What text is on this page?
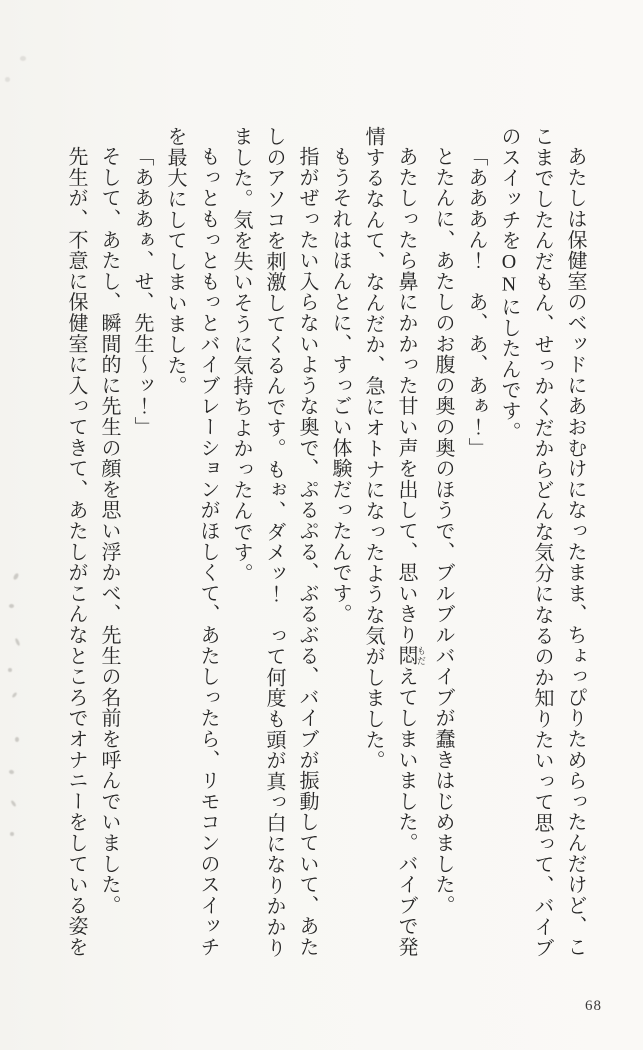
あたしは保健室のベッドにあおむけになったまま、ちょっぴりためらったんだけど、ここまでしたんだもん、せっかくだからどんな気分になるのか知りたいって思って、バイブのスイッチをONにしたんです。

「あああん！　あ、あ、あぁ！」

とたんに、あたしのお腹の奥の奥のほうで、ブルブルバイブが蠢きはじめました。

あたしったら鼻にかかった甘い声を出して、思いきり悶 もだえてしまいました。バイブで発情するなんて、なんだか、急にオトナになったような気がしました。

もうそれはほんとに、すっごい体験だったんです。

指がぜったい入らないような奥で、ぷるぷる、ぶるぶる、バイブが振動していて、あたしのアソコを刺激してくるんです。もぉ、ダメッ！　って何度も頭が真っ白になりかかりました。気を失いそうに気持ちよかったんです。

もっともっともっとバイブレーションがほしくて、あたしったら、リモコンのスイッチを最大にしてしまいました。

「あああぁ、せ、先生～ッ！」

そして、あたし、瞬間的に先生の顔を思い浮かべ、先生の名前を呼んでいました。

先生が、不意に保健室に入ってきて、あたしがこんなところでオナニーをしている姿を

68
